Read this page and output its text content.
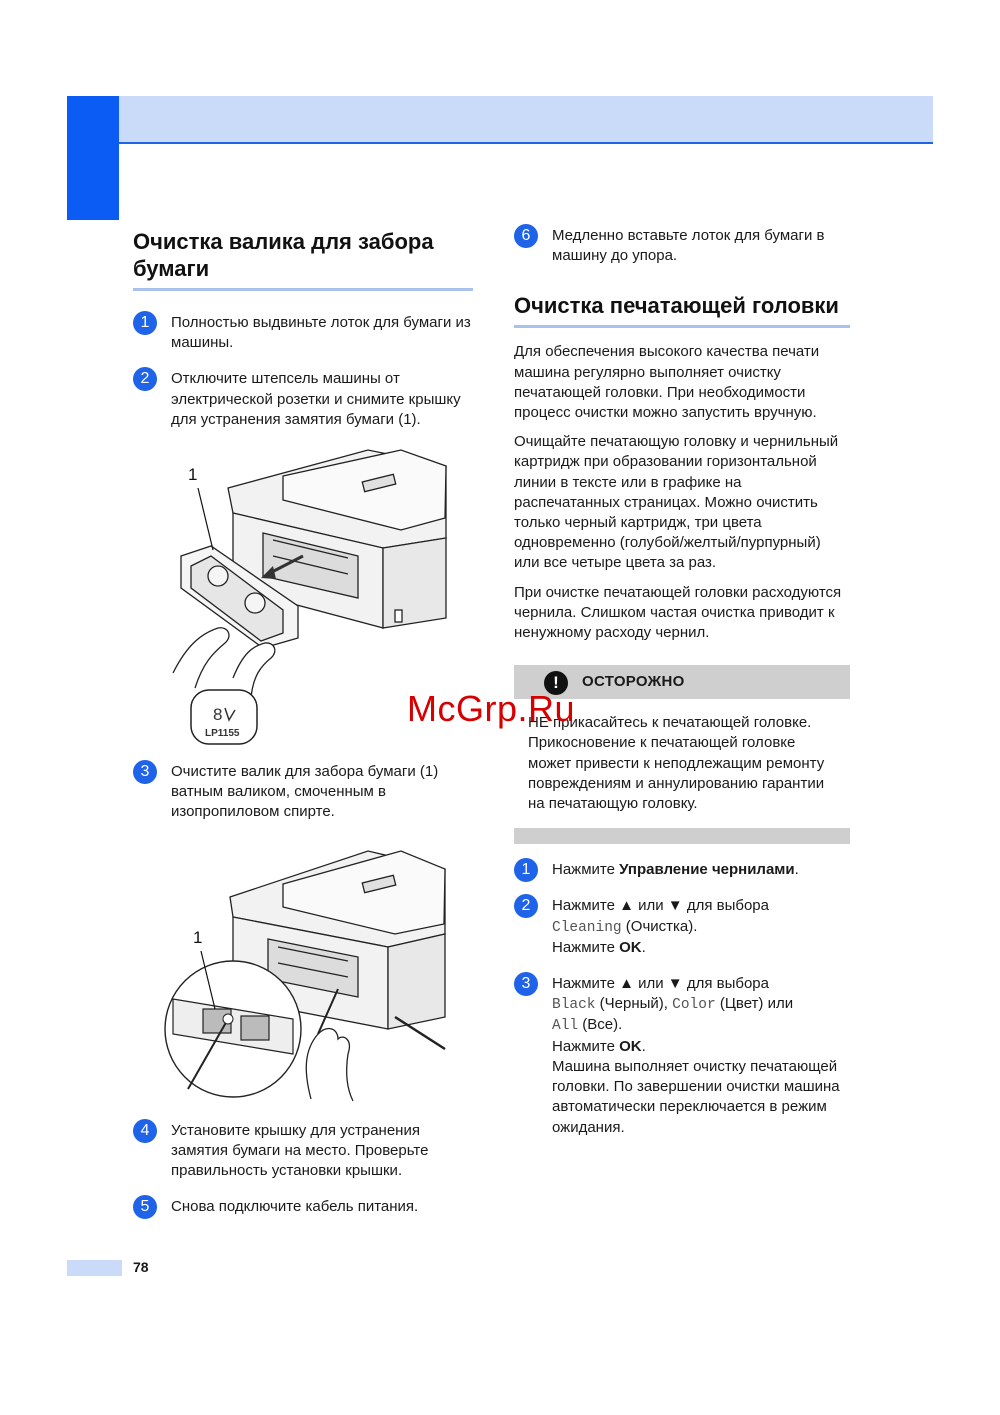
Очистка валика для забора бумаги
1	Полностью выдвиньте лоток для бумаги из машины.
2	Отключите штепсель машины от электрической розетки и снимите крышку для устранения замятия бумаги (1).
1
8
LP1155
3	Очистите валик для забора бумаги (1) ватным валиком, смоченным в изопропиловом спирте.
1
4	Установите крышку для устранения замятия бумаги на место. Проверьте правильность установки крышки.
5	Снова подключите кабель питания.
6	Медленно вставьте лоток для бумаги в машину до упора.
Очистка печатающей головки

Для обеспечения высокого качества печати машина регулярно выполняет очистку печатающей головки. При необходимости процесс очистки можно запустить вручную.

Очищайте печатающую головку и чернильный картридж при образовании горизонтальной линии в тексте или в графике на распечатанных страницах. Можно очистить только черный картридж, три цвета одновременно (голубой/желтый/пурпурный) или все четыре цвета за раз.

При очистке печатающей головки расходуются чернила. Слишком частая очистка приводит к ненужному расходу чернил.

!	ОСТОРОЖНО
НЕ прикасайтесь к печатающей головке. Прикосновение к печатающей головке может привести к неподлежащим ремонту повреждениям и аннулированию гарантии на печатающую головку.
1	Нажмите Управление чернилами.
2	Нажмите ▲ или ▼ для выбора
Cleaning (Очистка).
Нажмите OK.
3	Нажмите ▲ или ▼ для выбора
Black (Черный), Color (Цвет) или
All (Все).
Нажмите OK.
Машина выполняет очистку печатающей головки. По завершении очистки машина автоматически переключается в режим ожидания.
McGrp.Ru
78
